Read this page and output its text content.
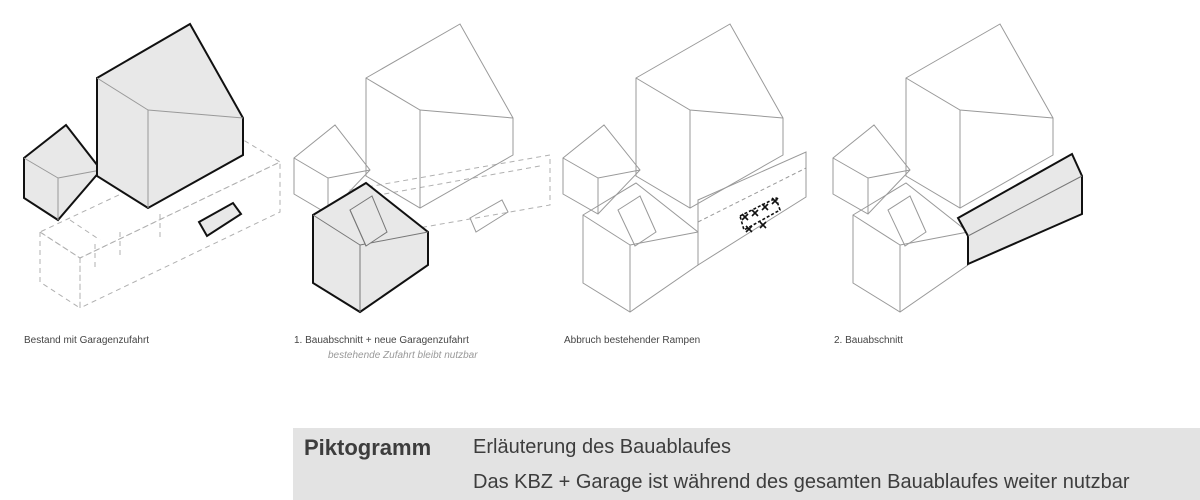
Bestand mit Garagenzufahrt	1. Bauabschnitt + neue Garagenzufahrt
bestehende Zufahrt bleibt nutzbar
Abbruch bestehender Rampen	2. Bauabschnitt
Piktogramm Erläuterung des Bauablaufes
Das KBZ + Garage ist während des gesamten Bauablaufes weiter nutzbar
